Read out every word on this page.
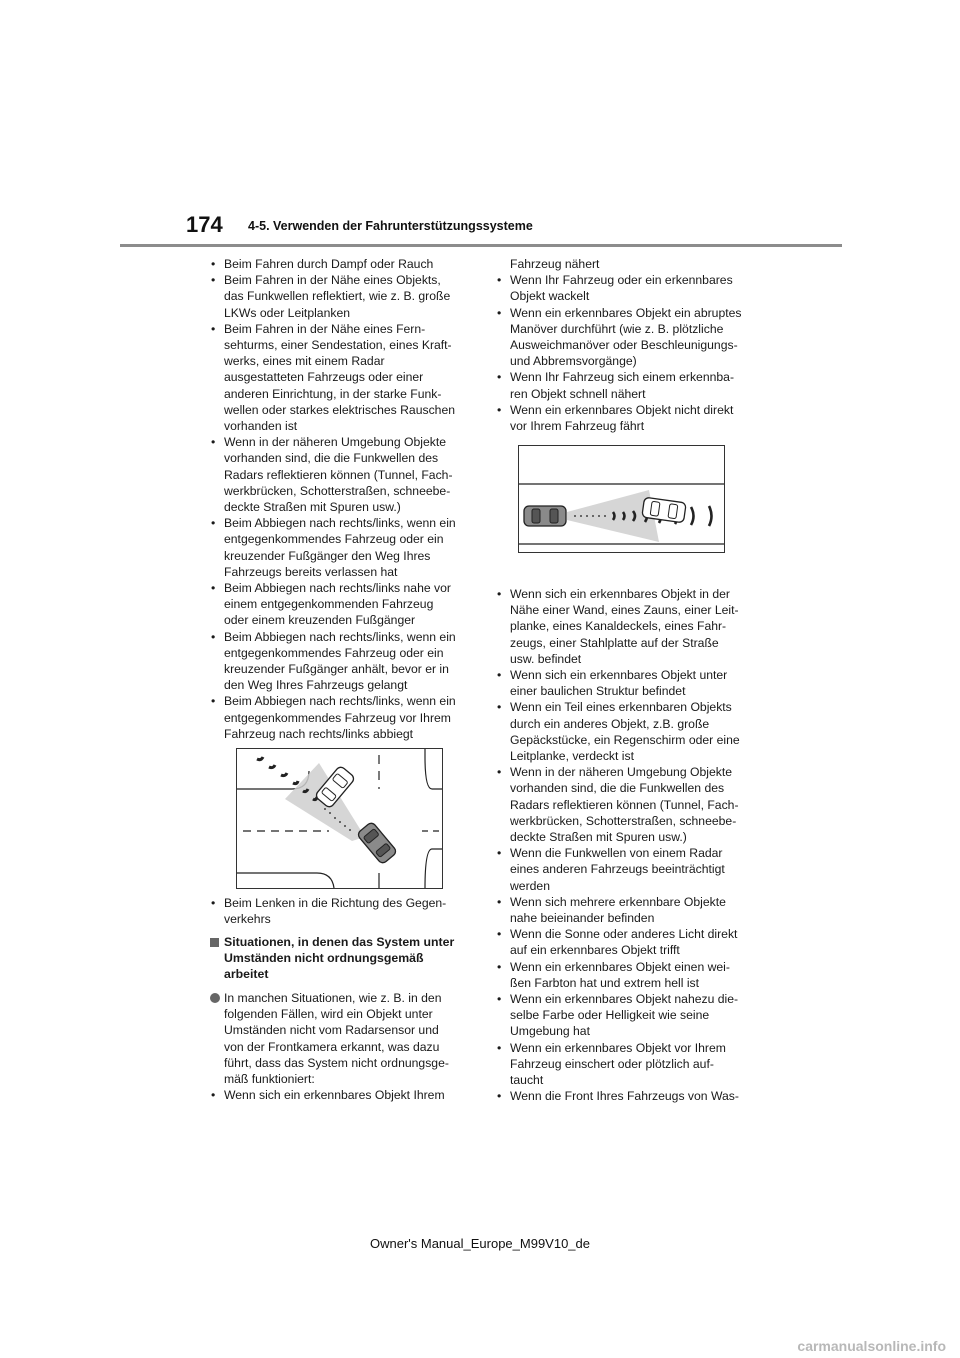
174 4-5. Verwenden der Fahrunterstützungssysteme
• Beim Fahren durch Dampf oder Rauch
• Beim Fahren in der Nähe eines Objekts,
das Funkwellen reflektiert, wie z. B. große
LKWs oder Leitplanken
• Beim Fahren in der Nähe eines Fern-
sehturms, einer Sendestation, eines Kraft-
werks, eines mit einem Radar
ausgestatteten Fahrzeugs oder einer
anderen Einrichtung, in der starke Funk-
wellen oder starkes elektrisches Rauschen
vorhanden ist
• Wenn in der näheren Umgebung Objekte
vorhanden sind, die die Funkwellen des
Radars reflektieren können (Tunnel, Fach-
werkbrücken, Schotterstraßen, schneebe-
deckte Straßen mit Spuren usw.)
• Beim Abbiegen nach rechts/links, wenn ein
entgegenkommendes Fahrzeug oder ein
kreuzender Fußgänger den Weg Ihres
Fahrzeugs bereits verlassen hat
• Beim Abbiegen nach rechts/links nahe vor
einem entgegenkommenden Fahrzeug
oder einem kreuzenden Fußgänger
• Beim Abbiegen nach rechts/links, wenn ein
entgegenkommendes Fahrzeug oder ein
kreuzender Fußgänger anhält, bevor er in
den Weg Ihres Fahrzeugs gelangt
• Beim Abbiegen nach rechts/links, wenn ein
entgegenkommendes Fahrzeug vor Ihrem
Fahrzeug nach rechts/links abbiegt
• Beim Lenken in die Richtung des Gegen-
verkehrs
Situationen, in denen das System unter
Umständen nicht ordnungsgemäß
arbeitet
In manchen Situationen, wie z. B. in den
folgenden Fällen, wird ein Objekt unter
Umständen nicht vom Radarsensor und
von der Frontkamera erkannt, was dazu
führt, dass das System nicht ordnungsge-
mäß funktioniert:
• Wenn sich ein erkennbares Objekt Ihrem
Fahrzeug nähert
• Wenn Ihr Fahrzeug oder ein erkennbares
Objekt wackelt
• Wenn ein erkennbares Objekt ein abruptes
Manöver durchführt (wie z. B. plötzliche
Ausweichmanöver oder Beschleunigungs-
und Abbremsvorgänge)
• Wenn Ihr Fahrzeug sich einem erkennba-
ren Objekt schnell nähert
• Wenn ein erkennbares Objekt nicht direkt
vor Ihrem Fahrzeug fährt
• Wenn sich ein erkennbares Objekt in der
Nähe einer Wand, eines Zauns, einer Leit-
planke, eines Kanaldeckels, eines Fahr-
zeugs, einer Stahlplatte auf der Straße
usw. befindet
• Wenn sich ein erkennbares Objekt unter
einer baulichen Struktur befindet
• Wenn ein Teil eines erkennbaren Objekts
durch ein anderes Objekt, z.B. große
Gepäckstücke, ein Regenschirm oder eine
Leitplanke, verdeckt ist
• Wenn in der näheren Umgebung Objekte
vorhanden sind, die die Funkwellen des
Radars reflektieren können (Tunnel, Fach-
werkbrücken, Schotterstraßen, schneebe-
deckte Straßen mit Spuren usw.)
• Wenn die Funkwellen von einem Radar
eines anderen Fahrzeugs beeinträchtigt
werden
• Wenn sich mehrere erkennbare Objekte
nahe beieinander befinden
• Wenn die Sonne oder anderes Licht direkt
auf ein erkennbares Objekt trifft
• Wenn ein erkennbares Objekt einen wei-
ßen Farbton hat und extrem hell ist
• Wenn ein erkennbares Objekt nahezu die-
selbe Farbe oder Helligkeit wie seine
Umgebung hat
• Wenn ein erkennbares Objekt vor Ihrem
Fahrzeug einschert oder plötzlich auf-
taucht
• Wenn die Front Ihres Fahrzeugs von Was-
Owner's Manual_Europe_M99V10_de
carmanualsonline.info
